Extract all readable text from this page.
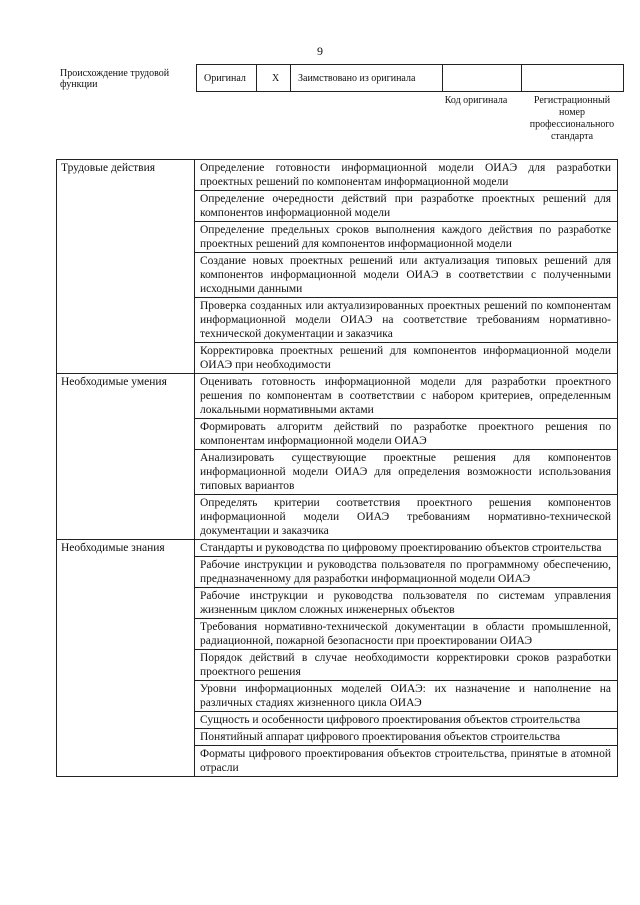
9
Происхождение трудовой функции
Оригинал	X Заимствовано из оригинала
Код оригинала	Регистрационный номер профессионального стандарта
Трудовые действия	Определение готовности информационной модели ОИАЭ для разработки проектных решений по компонентам информационной модели
Определение очередности действий при разработке проектных решений для компонентов информационной модели
Определение предельных сроков выполнения каждого действия по разработке проектных решений для компонентов информационной модели
Создание новых проектных решений или актуализация типовых решений для компонентов информационной модели ОИАЭ в соответствии с полученными исходными данными
Проверка созданных или актуализированных проектных решений по компонентам информационной модели ОИАЭ на соответствие требованиям нормативно-технической документации и заказчика
Корректировка проектных решений для компонентов информационной модели ОИАЭ при необходимости
Необходимые умения	Оценивать готовность информационной модели для разработки проектного решения по компонентам в соответствии с набором критериев, определенным локальными нормативными актами
Формировать алгоритм действий по разработке проектного решения по компонентам информационной модели ОИАЭ
Анализировать существующие проектные решения для компонентов информационной модели ОИАЭ для определения возможности использования типовых вариантов
Определять критерии соответствия проектного решения компонентов информационной модели ОИАЭ требованиям нормативно-технической документации и заказчика
Необходимые знания	Стандарты и руководства по цифровому проектированию объектов строительства
Рабочие инструкции и руководства пользователя по программному обеспечению, предназначенному для разработки информационной модели ОИАЭ
Рабочие инструкции и руководства пользователя по системам управления жизненным циклом сложных инженерных объектов
Требования нормативно-технической документации в области промышленной, радиационной, пожарной безопасности при проектировании ОИАЭ
Порядок действий в случае необходимости корректировки сроков разработки проектного решения
Уровни информационных моделей ОИАЭ: их назначение и наполнение на различных стадиях жизненного цикла ОИАЭ
Сущность и особенности цифрового проектирования объектов строительства
Понятийный аппарат цифрового проектирования объектов строительства
Форматы цифрового проектирования объектов строительства, принятые в атомной отрасли
